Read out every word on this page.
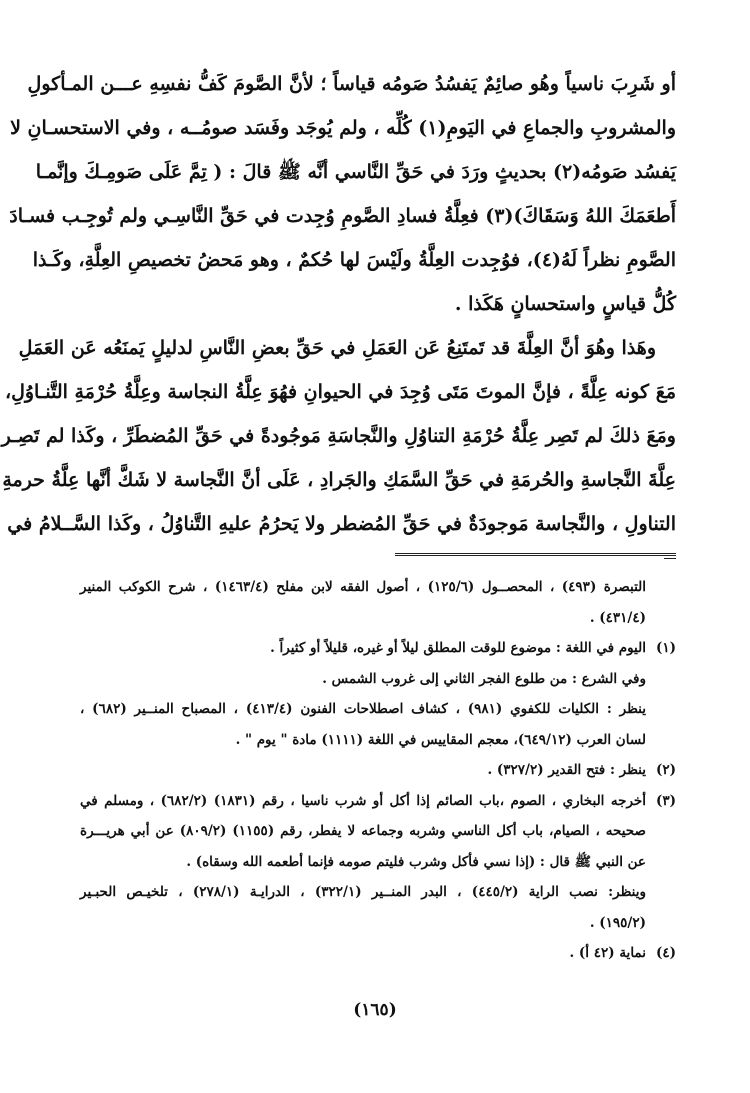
أو شَرِبَ ناسياً وهُو صائِمٌ يَفسُدُ صَومُه قياساً ؛ لأنَّ الصَّومَ كَفُّ نفسِهِ عـــن المـأكولِ
والمشروبِ والجماعِ في اليَومِ(١) كُلِّه ، ولم يُوجَد وفَسَد صومُــه ، وفي الاستحسـانِ لا
يَفسُد صَومُه(٢) بحديثٍ ورَدَ في حَقِّ النَّاسي أنَّه ﷺ قالَ : ( تِمَّ عَلَى صَومِـكَ وإنَّمـا
أَطعَمَكَ اللهُ وَسَقَاكَ)(٣) فعِلَّةُ فسادِ الصَّومِ وُجِدت في حَقِّ النَّاسِـي ولم تُوجِـب فسـادَ
الصَّومِ نظراً لَهُ(٤)، فوُجِدت العِلَّةُ ولَيْسَ لها حُكمٌ ، وهو مَحضُ تخصيصِ العِلَّةِ، وكَـذا
كُلُّ قياسٍ واستحسانٍ هَكَذا .
وهَذا وهُوَ أنَّ العِلَّةَ قد تَمتَنِعُ عَن العَمَلِ في حَقِّ بعضِ النَّاسِ لدليلٍ يَمنَعُه عَن العَمَلِ
مَعَ كونه عِلَّةً ، فإنَّ الموتَ مَتَى وُجِدَ في الحيوانِ فهُوَ عِلَّةُ النجاسة وعِلَّةُ حُرْمَةِ التَّنـاوُلِ،
ومَعَ ذلكَ لم تَصِر عِلَّةُ حُرْمَةِ التناوُلِ والنَّجاسَةِ مَوجُودةً في حَقِّ المُضطَرِّ ، وكَذا لم تَصِـر
عِلَّةَ النَّجاسةِ والحُرمَةِ في حَقِّ السَّمَكِ والجَرادِ ، عَلَى أنَّ النَّجاسة لا شَكَّ أنَّها عِلَّةُ حرمةِ
التناولِ ، والنَّجاسة مَوجودَةٌ في حَقِّ المُضطر ولا يَحرُمُ عليهِ التَّناوُلُ ، وكَذا السَّــلامُ في
التبصرة (٤٩٣) ، المحصــول (١٢٥/٦) ، أصول الفقه لابن مفلح (١٤٦٣/٤) ، شرح الكوكب المنير
(٤٣١/٤) .
(١)اليوم في اللغة : موضوع للوقت المطلق ليلاً أو غيره، قليلاً أو كثيراً .
وفي الشرع : من طلوع الفجر الثاني إلى غروب الشمس .
ينظر : الكليات للكفوي (٩٨١) ، كشاف اصطلاحات الفنون (٤١٣/٤) ، المصباح المنــير (٦٨٢) ،
لسان العرب (٦٤٩/١٢)، معجم المقاييس في اللغة (١١١١) مادة " يوم " .
(٢)ينظر : فتح القدير (٣٢٧/٢) .
(٣)أخرجه البخاري ، الصوم ،باب الصائم إذا أكل أو شرب ناسيا ، رقم (١٨٣١) (٦٨٢/٢) ، ومسلم في
صحيحه ، الصيام، باب أكل الناسي وشربه وجماعه لا يفطر، رقم (١١٥٥) (٨٠٩/٢) عن أبي هريـــرة
عن النبي ﷺ قال : (إذا نسي فأكل وشرب فليتم صومه فإنما أطعمه الله وسقاه) .
وينظر: نصب الراية (٤٤٥/٢) ، البدر المنــير (٣٢٢/١) ، الدرايـة (٢٧٨/١) ، تلخيـص الحبـير
(١٩٥/٢) .
(٤)نماية (٤٢ أ) .
(١٦٥)
